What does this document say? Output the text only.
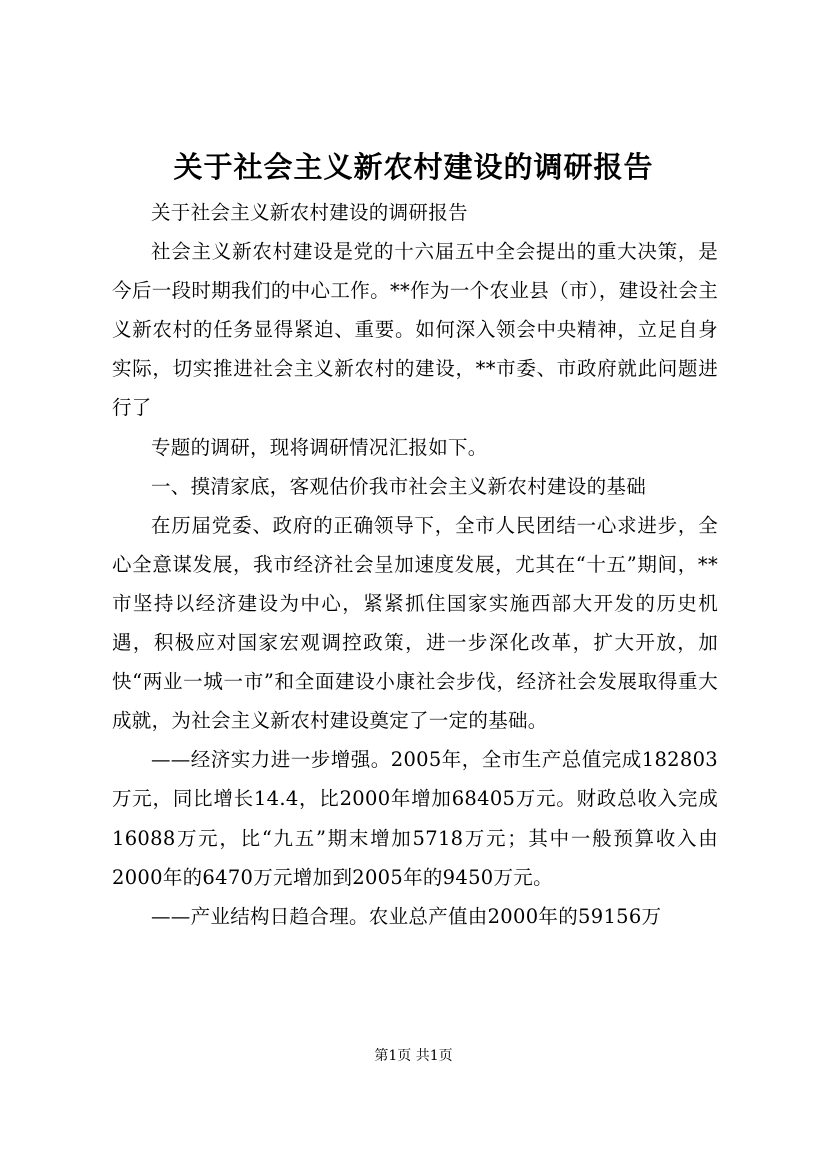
关于社会主义新农村建设的调研报告

关于社会主义新农村建设的调研报告

社会主义新农村建设是党的十六届五中全会提出的重大决策，是今后一段时期我们的中心工作。**作为一个农业县（市），建设社会主义新农村的任务显得紧迫、重要。如何深入领会中央精神，立足自身实际，切实推进社会主义新农村的建设，**市委、市政府就此问题进行了

专题的调研，现将调研情况汇报如下。

一、摸清家底，客观估价我市社会主义新农村建设的基础

在历届党委、政府的正确领导下，全市人民团结一心求进步，全心全意谋发展，我市经济社会呈加速度发展，尤其在“十五”期间，**市坚持以经济建设为中心，紧紧抓住国家实施西部大开发的历史机遇，积极应对国家宏观调控政策，进一步深化改革，扩大开放，加快“两业一城一市”和全面建设小康社会步伐，经济社会发展取得重大成就，为社会主义新农村建设奠定了一定的基础。

——经济实力进一步增强。2005年，全市生产总值完成182803万元，同比增长14.4，比2000年增加68405万元。财政总收入完成16088万元，比“九五”期末增加5718万元；其中一般预算收入由2000年的6470万元增加到2005年的9450万元。

——产业结构日趋合理。农业总产值由2000年的59156万

第1页 共1页
